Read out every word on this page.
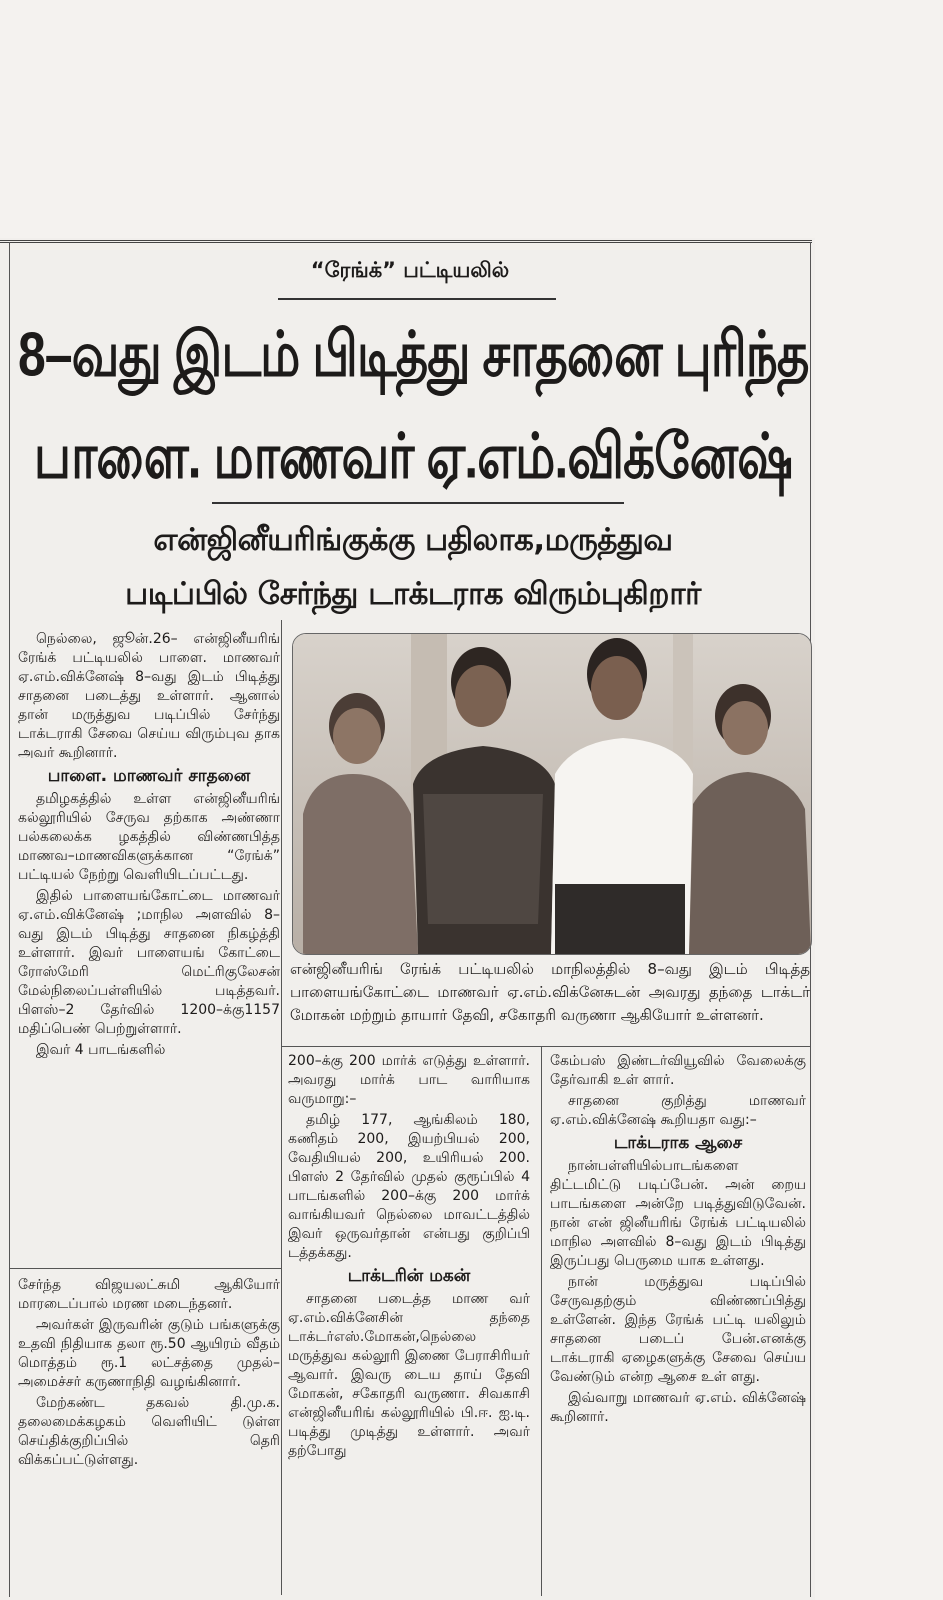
“ரேங்க்” பட்டியலில்
8–வது இடம் பிடித்து சாதனை புரிந்த
பாளை. மாணவர் ஏ.எம்.விக்னேஷ்
என்ஜினீயரிங்குக்கு பதிலாக,மருத்துவ
படிப்பில் சேர்ந்து டாக்டராக விரும்புகிறார்

நெல்லை, ஜூன்.26– என்ஜினீயரிங் ரேங்க் பட்டியலில் பாளை. மாணவர் ஏ.எம்.விக்னேஷ் 8–வது இடம் பிடித்து சாதனை படைத்து உள்ளார். ஆனால் தான் மருத்துவ படிப்பில் சேர்ந்து டாக்டராகி சேவை செய்ய விரும்புவ தாக அவர் கூறினார்.

பாளை. மாணவர் சாதனை

தமிழகத்தில் உள்ள என்ஜினீயரிங் கல்லூரியில் சேருவ தற்காக அண்ணா பல்கலைக்க ழகத்தில் விண்ணபித்த மாணவ–மாணவிகளுக்கான “ரேங்க்” பட்டியல் நேற்று வெளியிடப்பட்டது.

இதில் பாளையங்கோட்டை மாணவர் ஏ.எம்.விக்னேஷ் ;மாநில அளவில் 8–வது இடம் பிடித்து சாதனை நிகழ்த்தி உள்ளார். இவர் பாளையங் கோட்டை ரோஸ்மேரி மெட்ரிகுலேசன் மேல்நிலைப்பள்ளியில் படித்தவர். பிளஸ்–2 தேர்வில் 1200–க்கு1157 மதிப்பெண் பெற்றுள்ளார்.

இவர் 4 பாடங்களில்

சேர்ந்த விஜயலட்சுமி ஆகியோர் மாரடைப்பால் மரண மடைந்தனர்.

அவர்கள் இருவரின் குடும் பங்களுக்கு உதவி நிதியாக தலா ரூ.50 ஆயிரம் வீதம் மொத்தம் ரூ.1 லட்சத்தை முதல்–அமைச்சர் கருணாநிதி வழங்கினார்.

மேற்கண்ட தகவல் தி.மு.க. தலைமைக்கழகம் வெளியிட் டுள்ள செய்திக்குறிப்பில் தெரி விக்கப்பட்டுள்ளது.

என்ஜினீயரிங் ரேங்க் பட்டியலில் மாநிலத்தில் 8–வது இடம் பிடித்த பாளையங்கோட்டை மாணவர் ஏ.எம்.விக்னேசுடன் அவரது தந்தை டாக்டர் மோகன் மற்றும் தாயார் தேவி, சகோதரி வருணா ஆகியோர் உள்ளனர்.

200–க்கு 200 மார்க் எடுத்து உள்ளார். அவரது மார்க் பாட வாரியாக வருமாறு:–

தமிழ் 177, ஆங்கிலம் 180, கணிதம் 200, இயற்பியல் 200, வேதியியல் 200, உயிரியல் 200. பிளஸ் 2 தேர்வில் முதல் குரூப்பில் 4 பாடங்களில் 200–க்கு 200 மார்க் வாங்கியவர் நெல்லை மாவட்டத்தில் இவர் ஒருவர்தான் என்பது குறிப்பி டத்தக்கது.

டாக்டரின் மகன்

சாதனை படைத்த மாண வர் ஏ.எம்.விக்னேசின் தந்தை டாக்டர்எஸ்.மோகன்,நெல்லை மருத்துவ கல்லூரி இணை பேராசிரியர் ஆவார். இவரு டைய தாய் தேவி மோகன், சகோதரி வருணா. சிவகாசி என்ஜினீயரிங் கல்லூரியில் பி.ஈ. ஐ.டி. படித்து முடித்து உள்ளார். அவர் தற்போது

கேம்பஸ் இண்டர்வியூவில் வேலைக்கு தேர்வாகி உள் ளார்.

சாதனை குறித்து மாணவர் ஏ.எம்.விக்னேஷ் கூறியதா வது:–

டாக்டராக ஆசை

நான்பள்ளியில்பாடங்களை திட்டமிட்டு படிப்பேன். அன் றைய பாடங்களை அன்றே படித்துவிடுவேன். நான் என் ஜினீயரிங் ரேங்க் பட்டியலில் மாநில அளவில் 8–வது இடம் பிடித்து இருப்பது பெருமை யாக உள்ளது.

நான் மருத்துவ படிப்பில் சேருவதற்கும் விண்ணப்பித்து உள்ளேன். இந்த ரேங்க் பட்டி யலிலும் சாதனை படைப் பேன்.எனக்கு டாக்டராகி ஏழைகளுக்கு சேவை செய்ய வேண்டும் என்ற ஆசை உள் ளது.

இவ்வாறு மாணவர் ஏ.எம். விக்னேஷ் கூறினார்.
